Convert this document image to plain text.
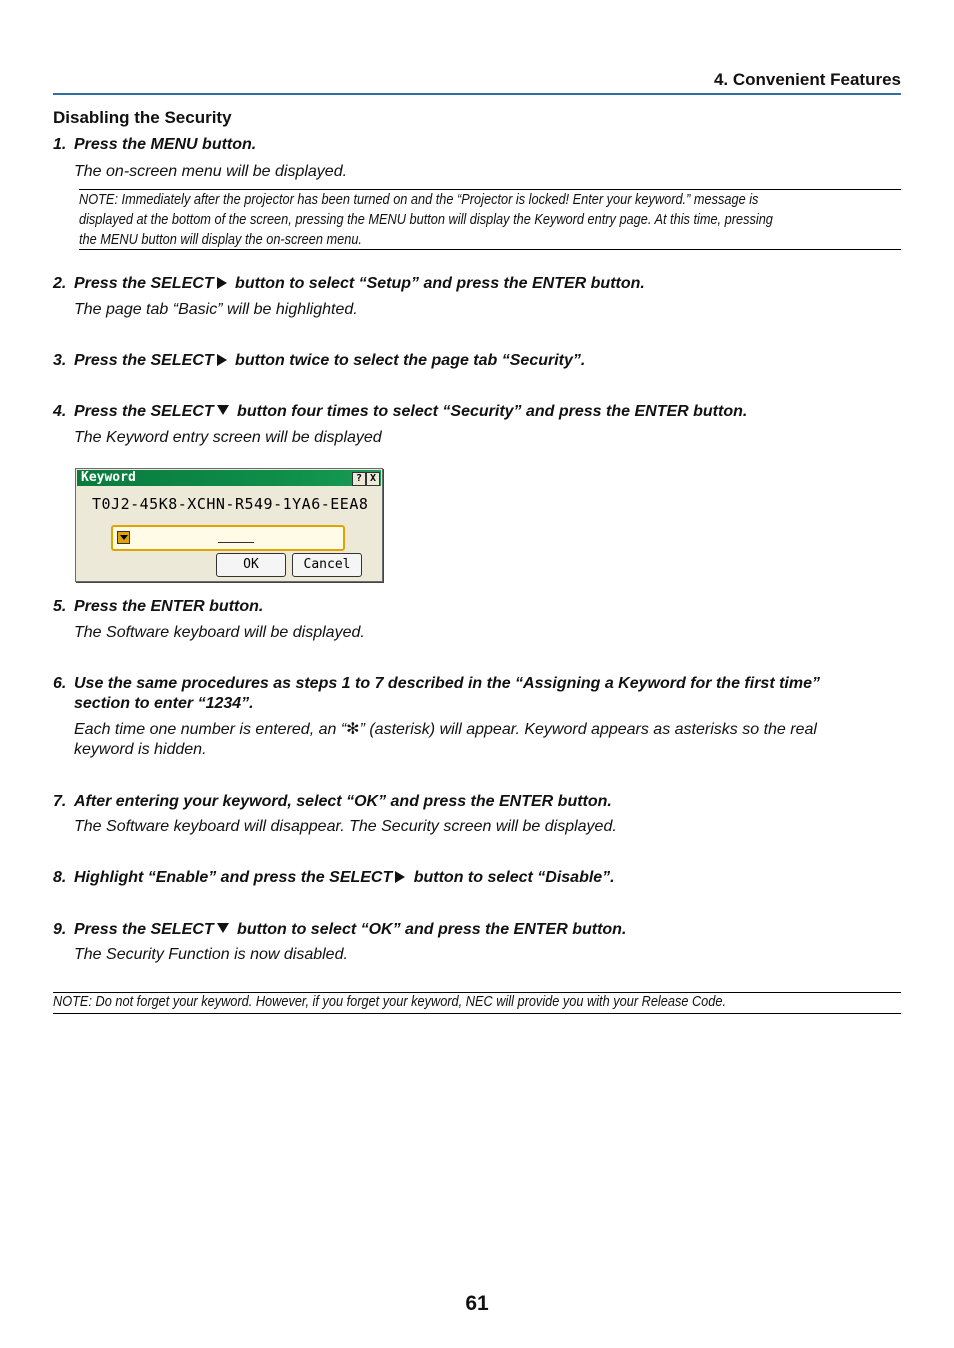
4. Convenient Features
Disabling the Security
1. Press the MENU button.
The on-screen menu will be displayed.
NOTE: Immediately after the projector has been turned on and the “Projector is locked! Enter your keyword.” message is
displayed at the bottom of the screen, pressing the MENU button will display the Keyword entry page. At this time, pressing
the MENU button will display the on-screen menu.
2. Press the SELECT button to select “Setup” and press the ENTER button.
The page tab “Basic” will be highlighted.
3. Press the SELECT button twice to select the page tab “Security”.
4. Press the SELECT button four times to select “Security” and press the ENTER button.
The Keyword entry screen will be displayed
Keyword	? X
T0J2-45K8-XCHN-R549-1YA6-EEA8
OK	Cancel
5. Press the ENTER button.
The Software keyboard will be displayed.
6. Use the same procedures as steps 1 to 7 described in the “Assigning a Keyword for the first time”
section to enter “1234”.
Each time one number is entered, an “✻” (asterisk) will appear. Keyword appears as asterisks so the real
keyword is hidden.
7. After entering your keyword, select “OK” and press the ENTER button.
The Software keyboard will disappear. The Security screen will be displayed.
8. Highlight “Enable” and press the SELECT button to select “Disable”.
9. Press the SELECT button to select “OK” and press the ENTER button.
The Security Function is now disabled.
NOTE: Do not forget your keyword. However, if you forget your keyword, NEC will provide you with your Release Code.
61
